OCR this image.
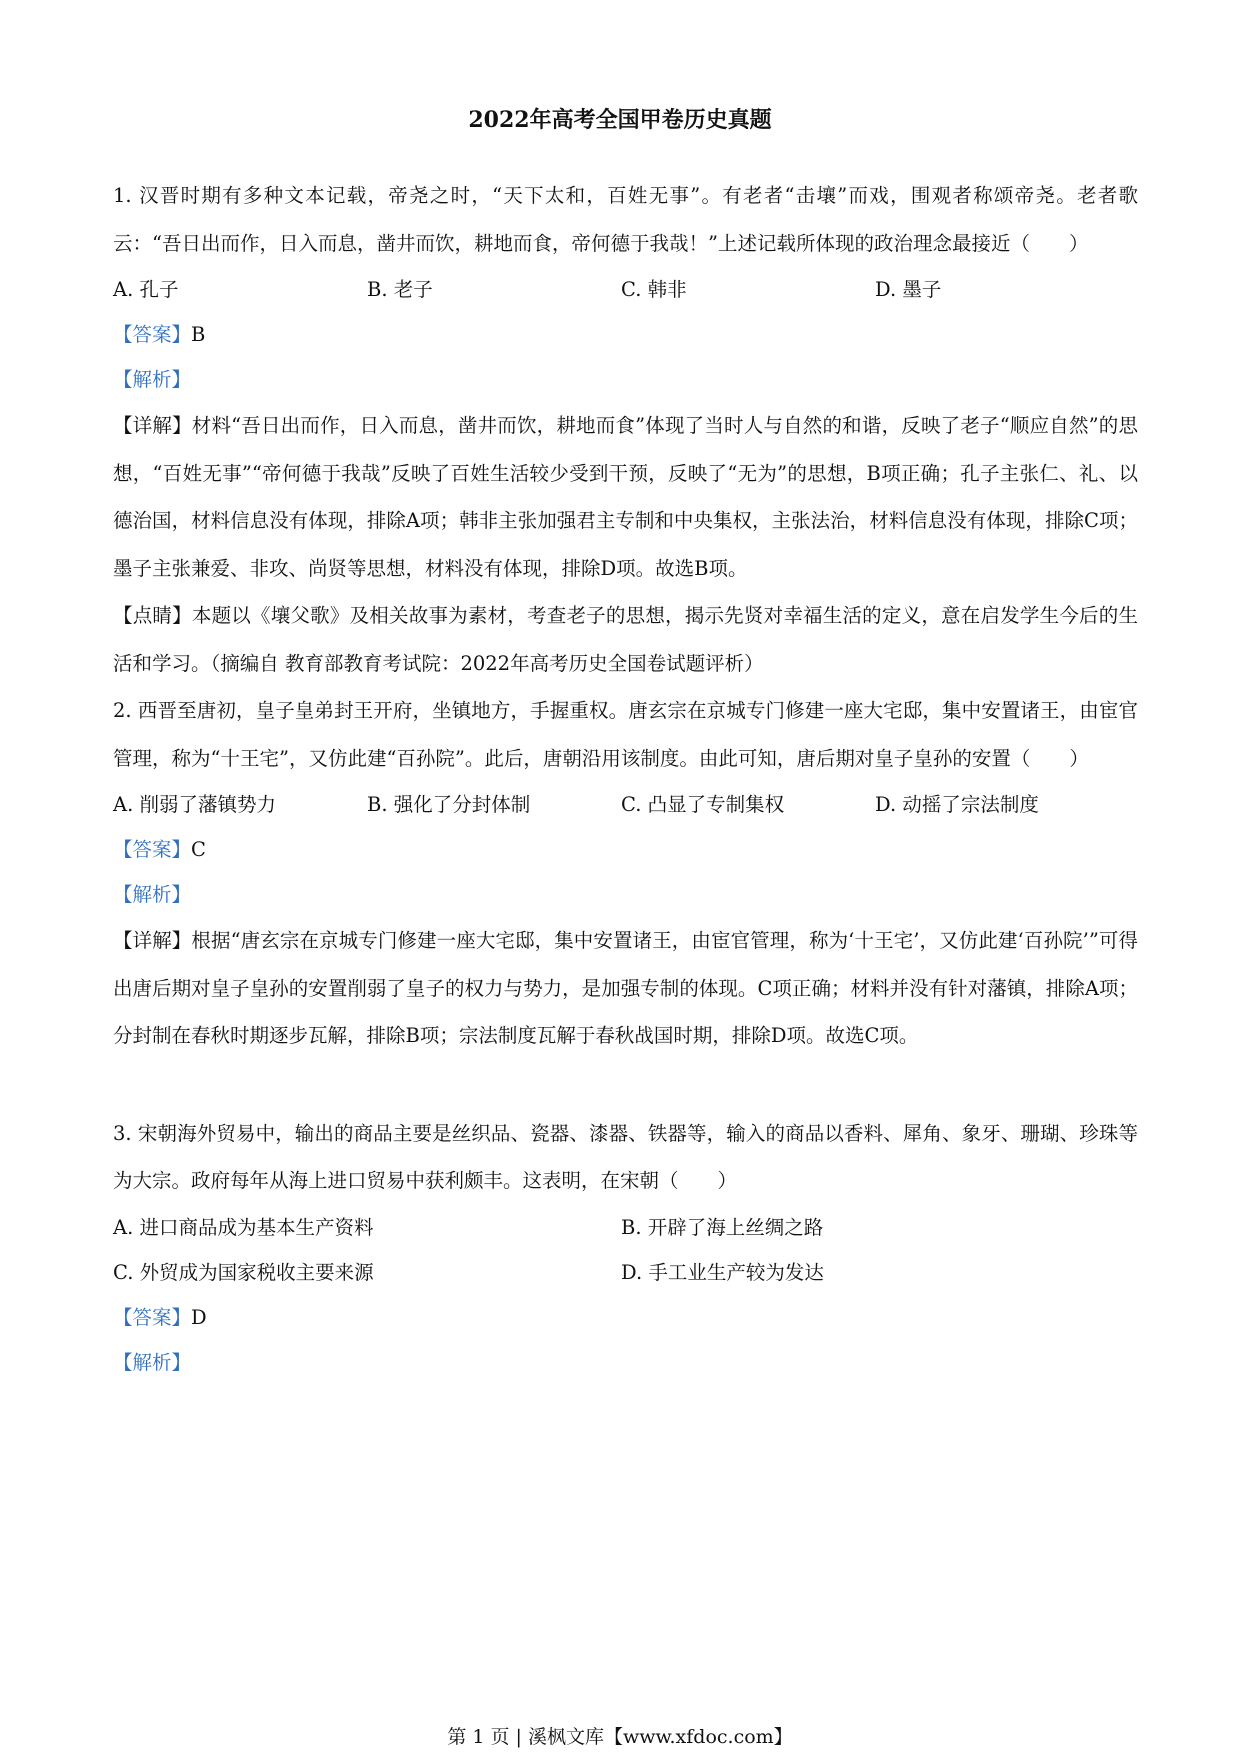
2022年高考全国甲卷历史真题

1. 汉晋时期有多种文本记载，帝尧之时，“天下太和，百姓无事”。有老者“击壤”而戏，围观者称颂帝尧。老者歌云：“吾日出而作，日入而息，凿井而饮，耕地而食，帝何德于我哉！”上述记载所体现的政治理念最接近（　　）

A. 孔子	B. 老子	C. 韩非	D. 墨子

【答案】B

【解析】

【详解】材料“吾日出而作，日入而息，凿井而饮，耕地而食”体现了当时人与自然的和谐，反映了老子“顺应自然”的思想，“百姓无事”“帝何德于我哉”反映了百姓生活较少受到干预，反映了“无为”的思想，B项正确；孔子主张仁、礼、以德治国，材料信息没有体现，排除A项；韩非主张加强君主专制和中央集权，主张法治，材料信息没有体现，排除C项；墨子主张兼爱、非攻、尚贤等思想，材料没有体现，排除D项。故选B项。

【点睛】本题以《壤父歌》及相关故事为素材，考查老子的思想，揭示先贤对幸福生活的定义，意在启发学生今后的生活和学习。（摘编自 教育部教育考试院：2022年高考历史全国卷试题评析）

2. 西晋至唐初，皇子皇弟封王开府，坐镇地方，手握重权。唐玄宗在京城专门修建一座大宅邸，集中安置诸王，由宦官管理，称为“十王宅”，又仿此建“百孙院”。此后，唐朝沿用该制度。由此可知，唐后期对皇子皇孙的安置（　　）

A. 削弱了藩镇势力	B. 强化了分封体制	C. 凸显了专制集权	D. 动摇了宗法制度

【答案】C

【解析】

【详解】根据“唐玄宗在京城专门修建一座大宅邸，集中安置诸王，由宦官管理，称为‘十王宅’，又仿此建‘百孙院’”可得出唐后期对皇子皇孙的安置削弱了皇子的权力与势力，是加强专制的体现。C项正确；材料并没有针对藩镇，排除A项；分封制在春秋时期逐步瓦解，排除B项；宗法制度瓦解于春秋战国时期，排除D项。故选C项。

3. 宋朝海外贸易中，输出的商品主要是丝织品、瓷器、漆器、铁器等，输入的商品以香料、犀角、象牙、珊瑚、珍珠等为大宗。政府每年从海上进口贸易中获利颇丰。这表明，在宋朝（　　）

A. 进口商品成为基本生产资料	B. 开辟了海上丝绸之路
C. 外贸成为国家税收主要来源	D. 手工业生产较为发达

【答案】D

【解析】

第 1 页 | 溪枫文库【www.xfdoc.com】
